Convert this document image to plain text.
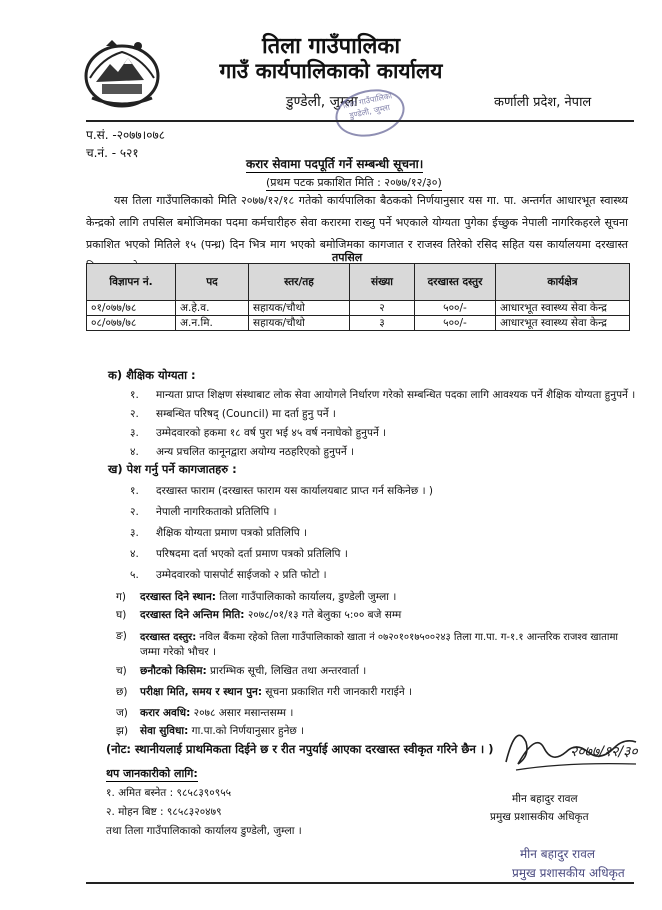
तिला गाउँपालिका
गाउँ कार्यपालिकाको कार्यालय
डुण्डेली, जुम्ला
तिला गाउँपालिका डुण्डेली, जुम्ला
कर्णाली प्रदेश, नेपाल
प.सं. -२०७७।०७८
च.नं. - ५२१
करार सेवामा पदपूर्ति गर्ने सम्बन्धी सूचना।
(प्रथम पटक प्रकाशित मिति : २०७७/१२/३०)
यस तिला गाउँपालिकाको मिति २०७७/१२/१८ गतेको कार्यपालिका बैठकको निर्णयानुसार यस गा. पा. अन्तर्गत आधारभूत स्वास्थ्य केन्द्रको लागि तपसिल बमोजिमका पदमा कर्मचारीहरु सेवा करारमा राख्नु पर्ने भएकाले योग्यता पुगेका ईच्छुक नेपाली नागरिकहरले सूचना प्रकाशित भएको मितिले १५ (पन्ध्र) दिन भित्र माग भएको बमोजिमका कागजात र राजस्व तिरेको रसिद सहित यस कार्यालयमा दरखास्त
तपसिल
विज्ञापन नं.	पद	स्तर/तह	संख्या	दरखास्त दस्तुर	कार्यक्षेत्र
०१/०७७/७८	अ.हे.व.	सहायक/चौथो	२	५००/-	आधारभूत स्वास्थ्य सेवा केन्द्र
०८/०७७/७८	अ.न.मि.	सहायक/चौथो	३	५००/-	आधारभूत स्वास्थ्य सेवा केन्द्र
क) शैक्षिक योग्यता :
१. मान्यता प्राप्त शिक्षण संस्थाबाट लोक सेवा आयोगले निर्धारण गरेको सम्बन्धित पदका लागि आवश्यक पर्ने शैक्षिक योग्यता हुनुपर्ने ।
२. सम्बन्धित परिषद् (Council) मा दर्ता हुनु पर्ने ।
३. उम्मेदवारको हकमा १८ वर्ष पुरा भई ४५ वर्ष ननाघेको हुनुपर्ने ।
४. अन्य प्रचलित कानूनद्वारा अयोग्य नठहरिएको हुनुपर्ने ।
ख) पेश गर्नु पर्ने कागजातहरु :
१. दरखास्त फाराम (दरखास्त फाराम यस कार्यालयबाट प्राप्त गर्न सकिनेछ । )
२. नेपाली नागरिकताको प्रतिलिपि ।
३. शैक्षिक योग्यता प्रमाण पत्रको प्रतिलिपि ।
४. परिषदमा दर्ता भएको दर्ता प्रमाण पत्रको प्रतिलिपि ।
५. उम्मेदवारको पासपोर्ट साईजको २ प्रति फोटो ।
ग) दरखास्त दिने स्थान: तिला गाउँपालिकाको कार्यालय, डुण्डेली जुम्ला ।
घ) दरखास्त दिने अन्तिम मिति: २०७८/०१/१३ गते बेलुका ५:०० बजे सम्म
ङ) दरखास्त दस्तुर: नविल बैंकमा रहेको तिला गाउँपालिकाको खाता नं ०७२०१०१७५००२४३ तिला गा.पा. ग-१.१ आन्तरिक राजश्व खातामा
जम्मा गरेको भौचर ।
च) छनौटको किसिम: प्रारम्भिक सूची, लिखित तथा अन्तरवार्ता ।
छ) परीक्षा मिति, समय र स्थान पुन: सूचना प्रकाशित गरी जानकारी गराईने ।
ज) करार अवधि: २०७८ असार मसान्तसम्म ।
झ) सेवा सुविधा: गा.पा.को निर्णयानुसार हुनेछ ।
(नोट: स्थानीयलाई प्राथमिकता दिईने छ र रीत नपुर्याई आएका दरखास्त स्वीकृत गरिने छैन । )
थप जानकारीको लागि:
१. अमित बस्नेत : ९८५८३९०९५५
२. मोहन बिष्ट : ९८५८३२०४७९
तथा तिला गाउँपालिकाको कार्यालय डुण्डेली, जुम्ला ।
२०७७/१२/३०
मीन बहादुर रावल
प्रमुख प्रशासकीय अधिकृत
मीन बहादुर रावल
प्रमुख प्रशासकीय अधिकृत
